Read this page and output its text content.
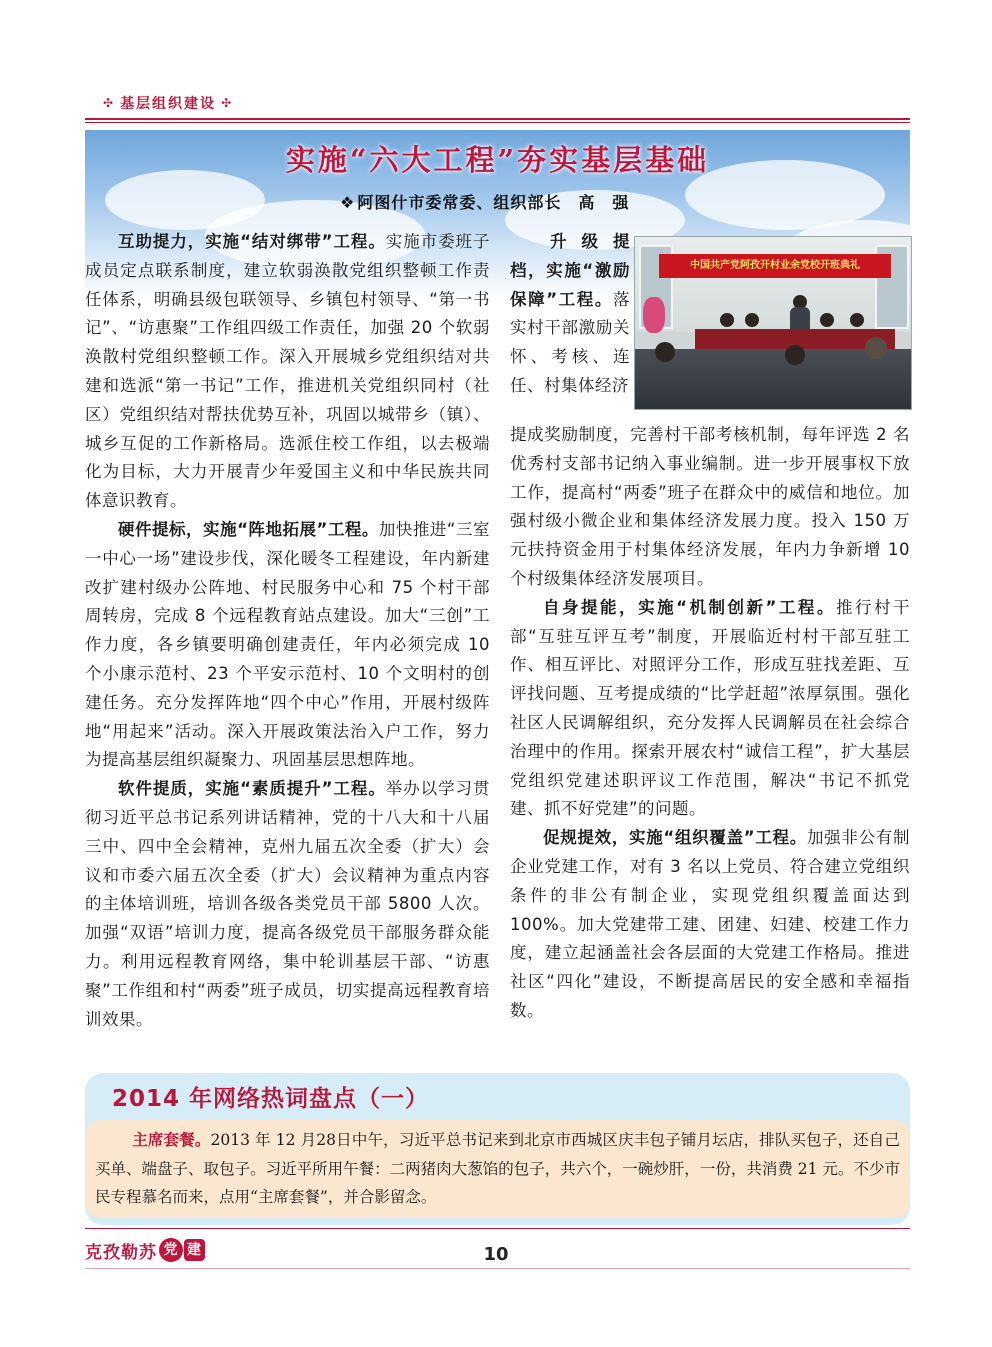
✣ 基层组织建设 ✣
实施“六大工程”夯实基层基础
❖ 阿图什市委常委、组织部长　高　强

互助提力，实施“结对绑带”工程。实施市委班子成员定点联系制度，建立软弱涣散党组织整顿工作责任体系，明确县级包联领导、乡镇包村领导、“第一书记”、“访惠聚”工作组四级工作责任，加强 20 个软弱涣散村党组织整顿工作。深入开展城乡党组织结对共建和选派“第一书记”工作，推进机关党组织同村（社区）党组织结对帮扶优势互补，巩固以城带乡（镇）、城乡互促的工作新格局。选派住校工作组，以去极端化为目标，大力开展青少年爱国主义和中华民族共同体意识教育。

硬件提标，实施“阵地拓展”工程。加快推进“三室一中心一场”建设步伐，深化暖冬工程建设，年内新建改扩建村级办公阵地、村民服务中心和 75 个村干部周转房，完成 8 个远程教育站点建设。加大“三创”工作力度，各乡镇要明确创建责任，年内必须完成 10 个小康示范村、23 个平安示范村、10 个文明村的创建任务。充分发挥阵地“四个中心”作用，开展村级阵地“用起来”活动。深入开展政策法治入户工作，努力为提高基层组织凝聚力、巩固基层思想阵地。

软件提质，实施“素质提升”工程。举办以学习贯彻习近平总书记系列讲话精神，党的十八大和十八届三中、四中全会精神，克州九届五次全委（扩大）会议和市委六届五次全委（扩大）会议精神为重点内容的主体培训班，培训各级各类党员干部 5800 人次。加强“双语”培训力度，提高各级党员干部服务群众能力。利用远程教育网络，集中轮训基层干部、“访惠聚”工作组和村“两委”班子成员，切实提高远程教育培训效果。

升级提档，实施“激励保障”工程。落实村干部激励关怀、考核、连任、村集体经济

中国共产党阿孜开村业余党校开班典礼

提成奖励制度，完善村干部考核机制，每年评选 2 名优秀村支部书记纳入事业编制。进一步开展事权下放工作，提高村“两委”班子在群众中的威信和地位。加强村级小微企业和集体经济发展力度。投入 150 万元扶持资金用于村集体经济发展，年内力争新增 10 个村级集体经济发展项目。

自身提能，实施“机制创新”工程。推行村干部“互驻互评互考”制度，开展临近村村干部互驻工作、相互评比、对照评分工作，形成互驻找差距、互评找问题、互考提成绩的“比学赶超”浓厚氛围。强化社区人民调解组织，充分发挥人民调解员在社会综合治理中的作用。探索开展农村“诚信工程”，扩大基层党组织党建述职评议工作范围，解决“书记不抓党建、抓不好党建”的问题。

促规提效，实施“组织覆盖”工程。加强非公有制企业党建工作，对有 3 名以上党员、符合建立党组织条件的非公有制企业，实现党组织覆盖面达到 100%。加大党建带工建、团建、妇建、校建工作力度，建立起涵盖社会各层面的大党建工作格局。推进社区“四化”建设，不断提高居民的安全感和幸福指数。

2014 年网络热词盘点（一）
主席套餐。2013 年 12 月28日中午，习近平总书记来到北京市西城区庆丰包子铺月坛店，排队买包子，还自己买单、端盘子、取包子。习近平所用午餐：二两猪肉大葱馅的包子，共六个，一碗炒肝，一份，共消费 21 元。不少市民专程慕名而来，点用“主席套餐”，并合影留念。
克孜勒苏 党 建	10
